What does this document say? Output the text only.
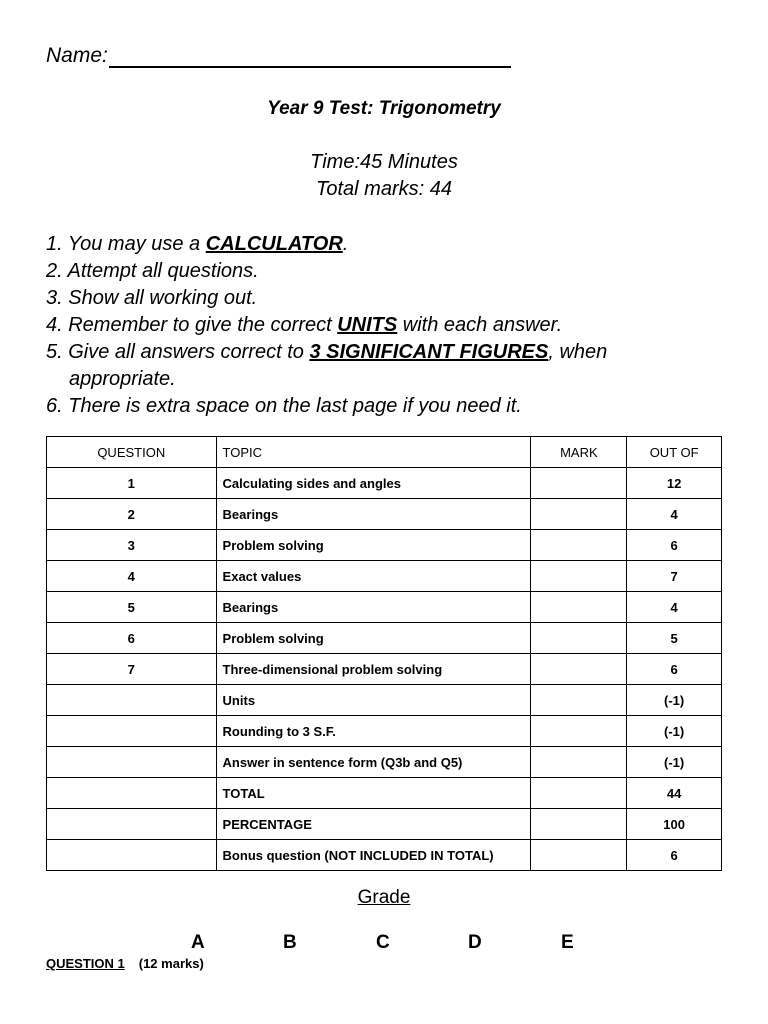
Name:
Year 9 Test: Trigonometry
Time:45 Minutes
Total marks: 44
1. You may use a CALCULATOR.
2. Attempt all questions.
3. Show all working out.
4. Remember to give the correct UNITS with each answer.
5. Give all answers correct to 3 SIGNIFICANT FIGURES, when
appropriate.
6. There is extra space on the last page if you need it.
QUESTION	TOPIC	MARK	OUT OF
1	Calculating sides and angles		12
2	Bearings		4
3	Problem solving		6
4	Exact values		7
5	Bearings		4
6	Problem solving		5
7	Three-dimensional problem solving		6
	Units		(-1)
	Rounding to 3 S.F.		(-1)
	Answer in sentence form (Q3b and Q5)		(-1)
	TOTAL		44
	PERCENTAGE		100
	Bonus question (NOT INCLUDED IN TOTAL)		6
Grade
A	B	C	D	E
QUESTION 1 (12 marks)
